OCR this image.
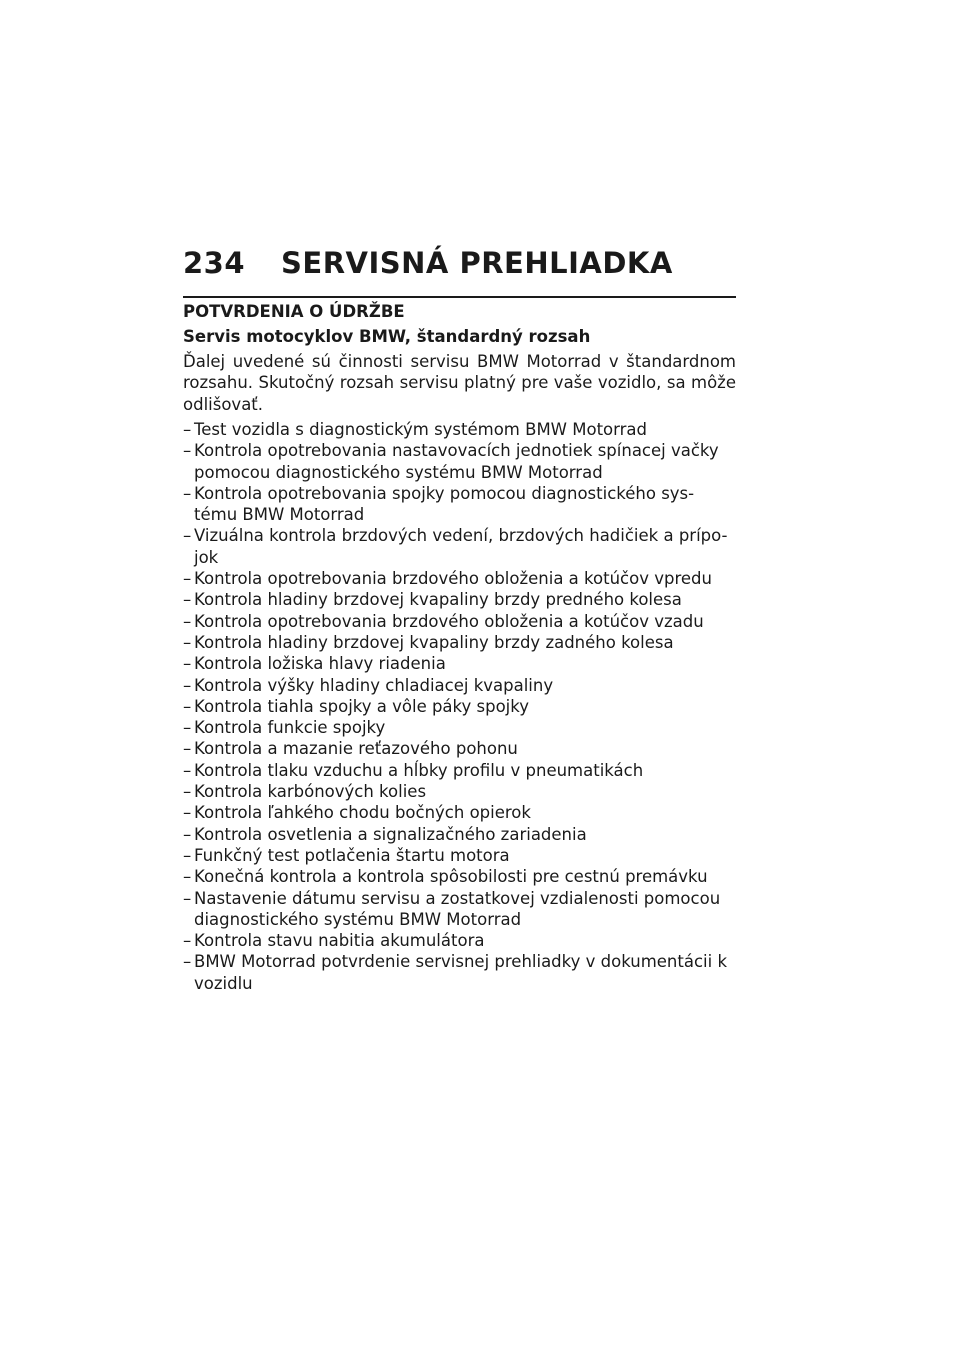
234 SERVISNÁ PREHLIADKA
POTVRDENIA O ÚDRŽBE
Servis motocyklov BMW, štandardný rozsah

Ďalej uvedené sú činnosti servisu BMW Motorrad v štandardnom rozsahu. Skutočný rozsah servisu platný pre vaše vozidlo, sa môže odlišovať.

– Test vozidla s diagnostickým systémom BMW Motorrad
– Kontrola opotrebovania nastavovacích jednotiek spínacej vačky pomocou diagnostického systému BMW Motorrad
– Kontrola opotrebovania spojky pomocou diagnostického sys- tému BMW Motorrad
– Vizuálna kontrola brzdových vedení, brzdových hadičiek a prípo- jok
– Kontrola opotrebovania brzdového obloženia a kotúčov vpredu
– Kontrola hladiny brzdovej kvapaliny brzdy predného kolesa
– Kontrola opotrebovania brzdového obloženia a kotúčov vzadu
– Kontrola hladiny brzdovej kvapaliny brzdy zadného kolesa
– Kontrola ložiska hlavy riadenia
– Kontrola výšky hladiny chladiacej kvapaliny
– Kontrola tiahla spojky a vôle páky spojky
– Kontrola funkcie spojky
– Kontrola a mazanie reťazového pohonu
– Kontrola tlaku vzduchu a hĺbky profilu v pneumatikách
– Kontrola karbónových kolies
– Kontrola ľahkého chodu bočných opierok
– Kontrola osvetlenia a signalizačného zariadenia
– Funkčný test potlačenia štartu motora
– Konečná kontrola a kontrola spôsobilosti pre cestnú premávku
– Nastavenie dátumu servisu a zostatkovej vzdialenosti pomocou diagnostického systému BMW Motorrad
– Kontrola stavu nabitia akumulátora
– BMW Motorrad potvrdenie servisnej prehliadky v dokumentácii k vozidlu
